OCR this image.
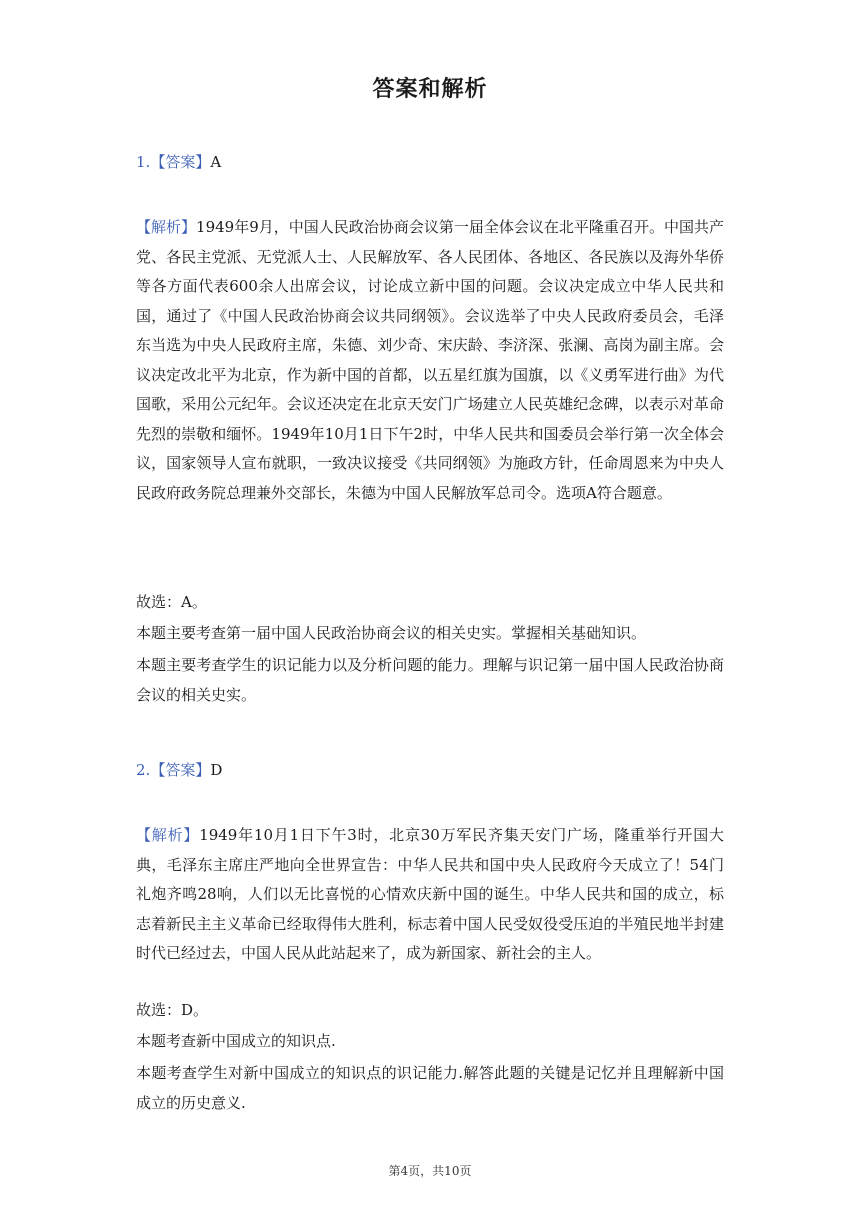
答案和解析
1.【答案】A
【解析】1949年9月，中国人民政治协商会议第一届全体会议在北平隆重召开。中国共产党、各民主党派、无党派人士、人民解放军、各人民团体、各地区、各民族以及海外华侨等各方面代表600余人出席会议，讨论成立新中国的问题。会议决定成立中华人民共和国，通过了《中国人民政治协商会议共同纲领》。会议选举了中央人民政府委员会，毛泽东当选为中央人民政府主席，朱德、刘少奇、宋庆龄、李济深、张澜、高岗为副主席。会议决定改北平为北京，作为新中国的首都，以五星红旗为国旗，以《义勇军进行曲》为代国歌，采用公元纪年。会议还决定在北京天安门广场建立人民英雄纪念碑，以表示对革命先烈的崇敬和缅怀。1949年10月1日下午2时，中华人民共和国委员会举行第一次全体会议，国家领导人宣布就职，一致决议接受《共同纲领》为施政方针，任命周恩来为中央人民政府政务院总理兼外交部长，朱德为中国人民解放军总司令。选项A符合题意。
故选：A。
本题主要考查第一届中国人民政治协商会议的相关史实。掌握相关基础知识。
本题主要考查学生的识记能力以及分析问题的能力。理解与识记第一届中国人民政治协商会议的相关史实。
2.【答案】D
【解析】1949年10月1日下午3时，北京30万军民齐集天安门广场，隆重举行开国大典，毛泽东主席庄严地向全世界宣告：中华人民共和国中央人民政府今天成立了！54门礼炮齐鸣28响，人们以无比喜悦的心情欢庆新中国的诞生。中华人民共和国的成立，标志着新民主主义革命已经取得伟大胜利，标志着中国人民受奴役受压迫的半殖民地半封建时代已经过去，中国人民从此站起来了，成为新国家、新社会的主人。
故选：D。
本题考查新中国成立的知识点.
本题考查学生对新中国成立的知识点的识记能力.解答此题的关键是记忆并且理解新中国成立的历史意义.
第4页，共10页
